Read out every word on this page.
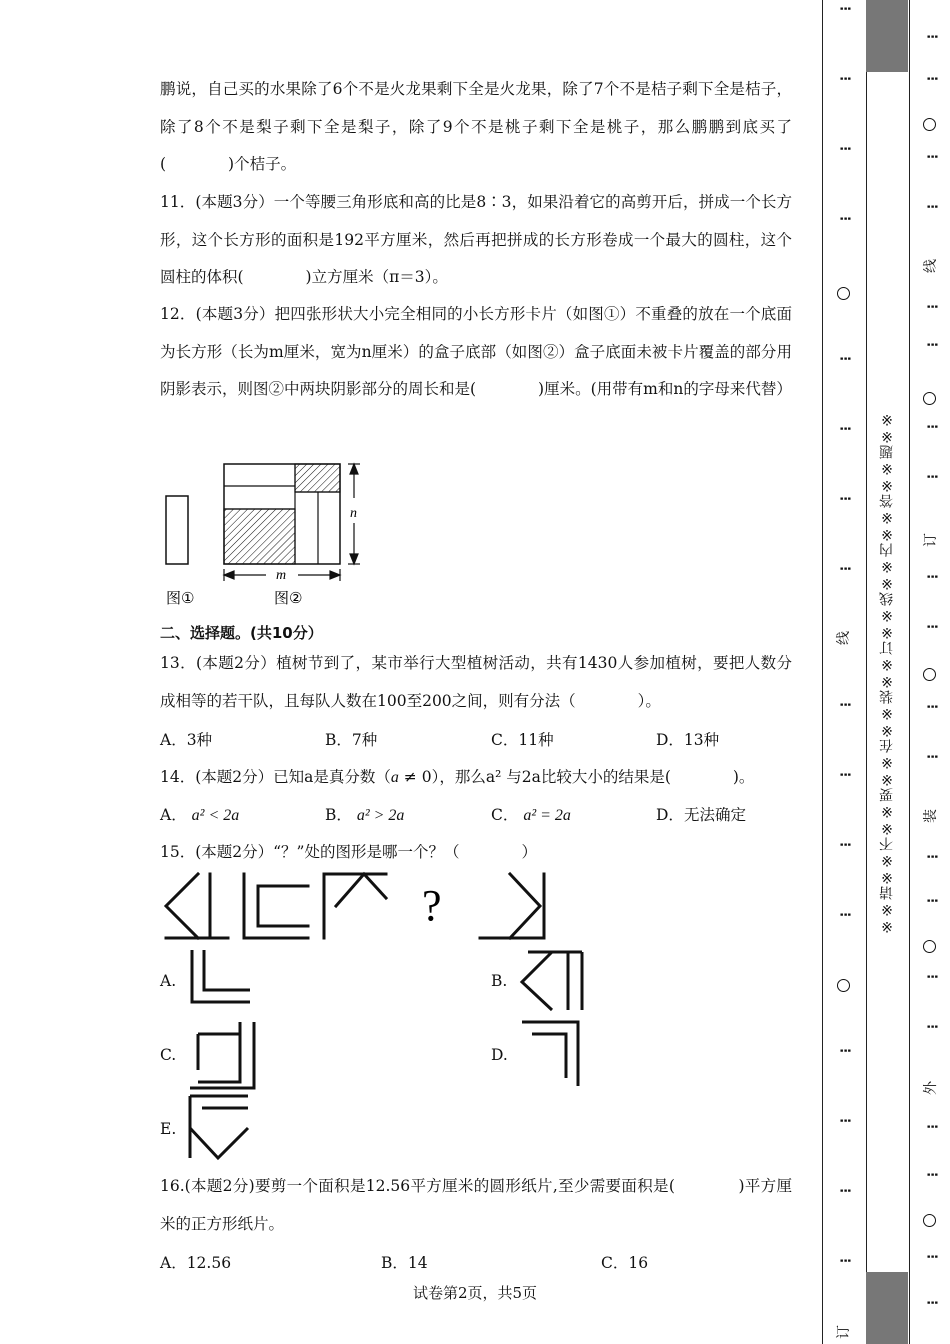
鹏说，自己买的水果除了6个不是火龙果剩下全是火龙果，除了7个不是桔子剩下全是桔子，除了8个不是梨子剩下全是梨子，除了9个不是桃子剩下全是桃子，那么鹏鹏到底买了(　　　　)个桔子。
11．(本题3分）一个等腰三角形底和高的比是8∶3，如果沿着它的高剪开后，拼成一个长方形，这个长方形的面积是192平方厘米，然后再把拼成的长方形卷成一个最大的圆柱，这个圆柱的体积(　　　　)立方厘米（π＝3）。
12．(本题3分）把四张形状大小完全相同的小长方形卡片（如图①）不重叠的放在一个底面为长方形（长为m厘米，宽为n厘米）的盒子底部（如图②）盒子底面未被卡片覆盖的部分用阴影表示，则图②中两块阴影部分的周长和是(　　　　)厘米。(用带有m和n的字母来代替）
n
m
图①	图②
二、选择题。(共10分）
13．(本题2分）植树节到了，某市举行大型植树活动，共有1430人参加植树，要把人数分成相等的若干队，且每队人数在100至200之间，则有分法（　　　　）。
A．3种	B．7种	C．11种	D．13种
14．(本题2分）已知a是真分数（a ≠ 0），那么a² 与2a比较大小的结果是(　　　　)。
A． a² < 2a	B． a² > 2a	C． a² = 2a	D．无法确定
15．(本题2分）“？”处的图形是哪一个？（　　　　）
?
A.	B.
C.	D.
E.
16.(本题2分)要剪一个面积是12.56平方厘米的圆形纸片,至少需要面积是(　　　　)平方厘米的正方形纸片。
A．12.56	B．14	C．16
试卷第2页，共5页
※※请※※不※※要※※在※※装※※订※※线※※内※※答※※题※※
⋮
⋮
⋮
⋮
⋮
⋮
⋮
⋮
线
⋮
⋮
⋮
⋮
⋮
⋮
⋮
⋮
订
⋮
⋮
⋮
⋮
线
⋮
⋮
⋮
⋮
订
⋮
⋮
⋮
⋮
装
⋮
⋮
⋮
⋮
外
⋮
⋮
⋮
⋮
